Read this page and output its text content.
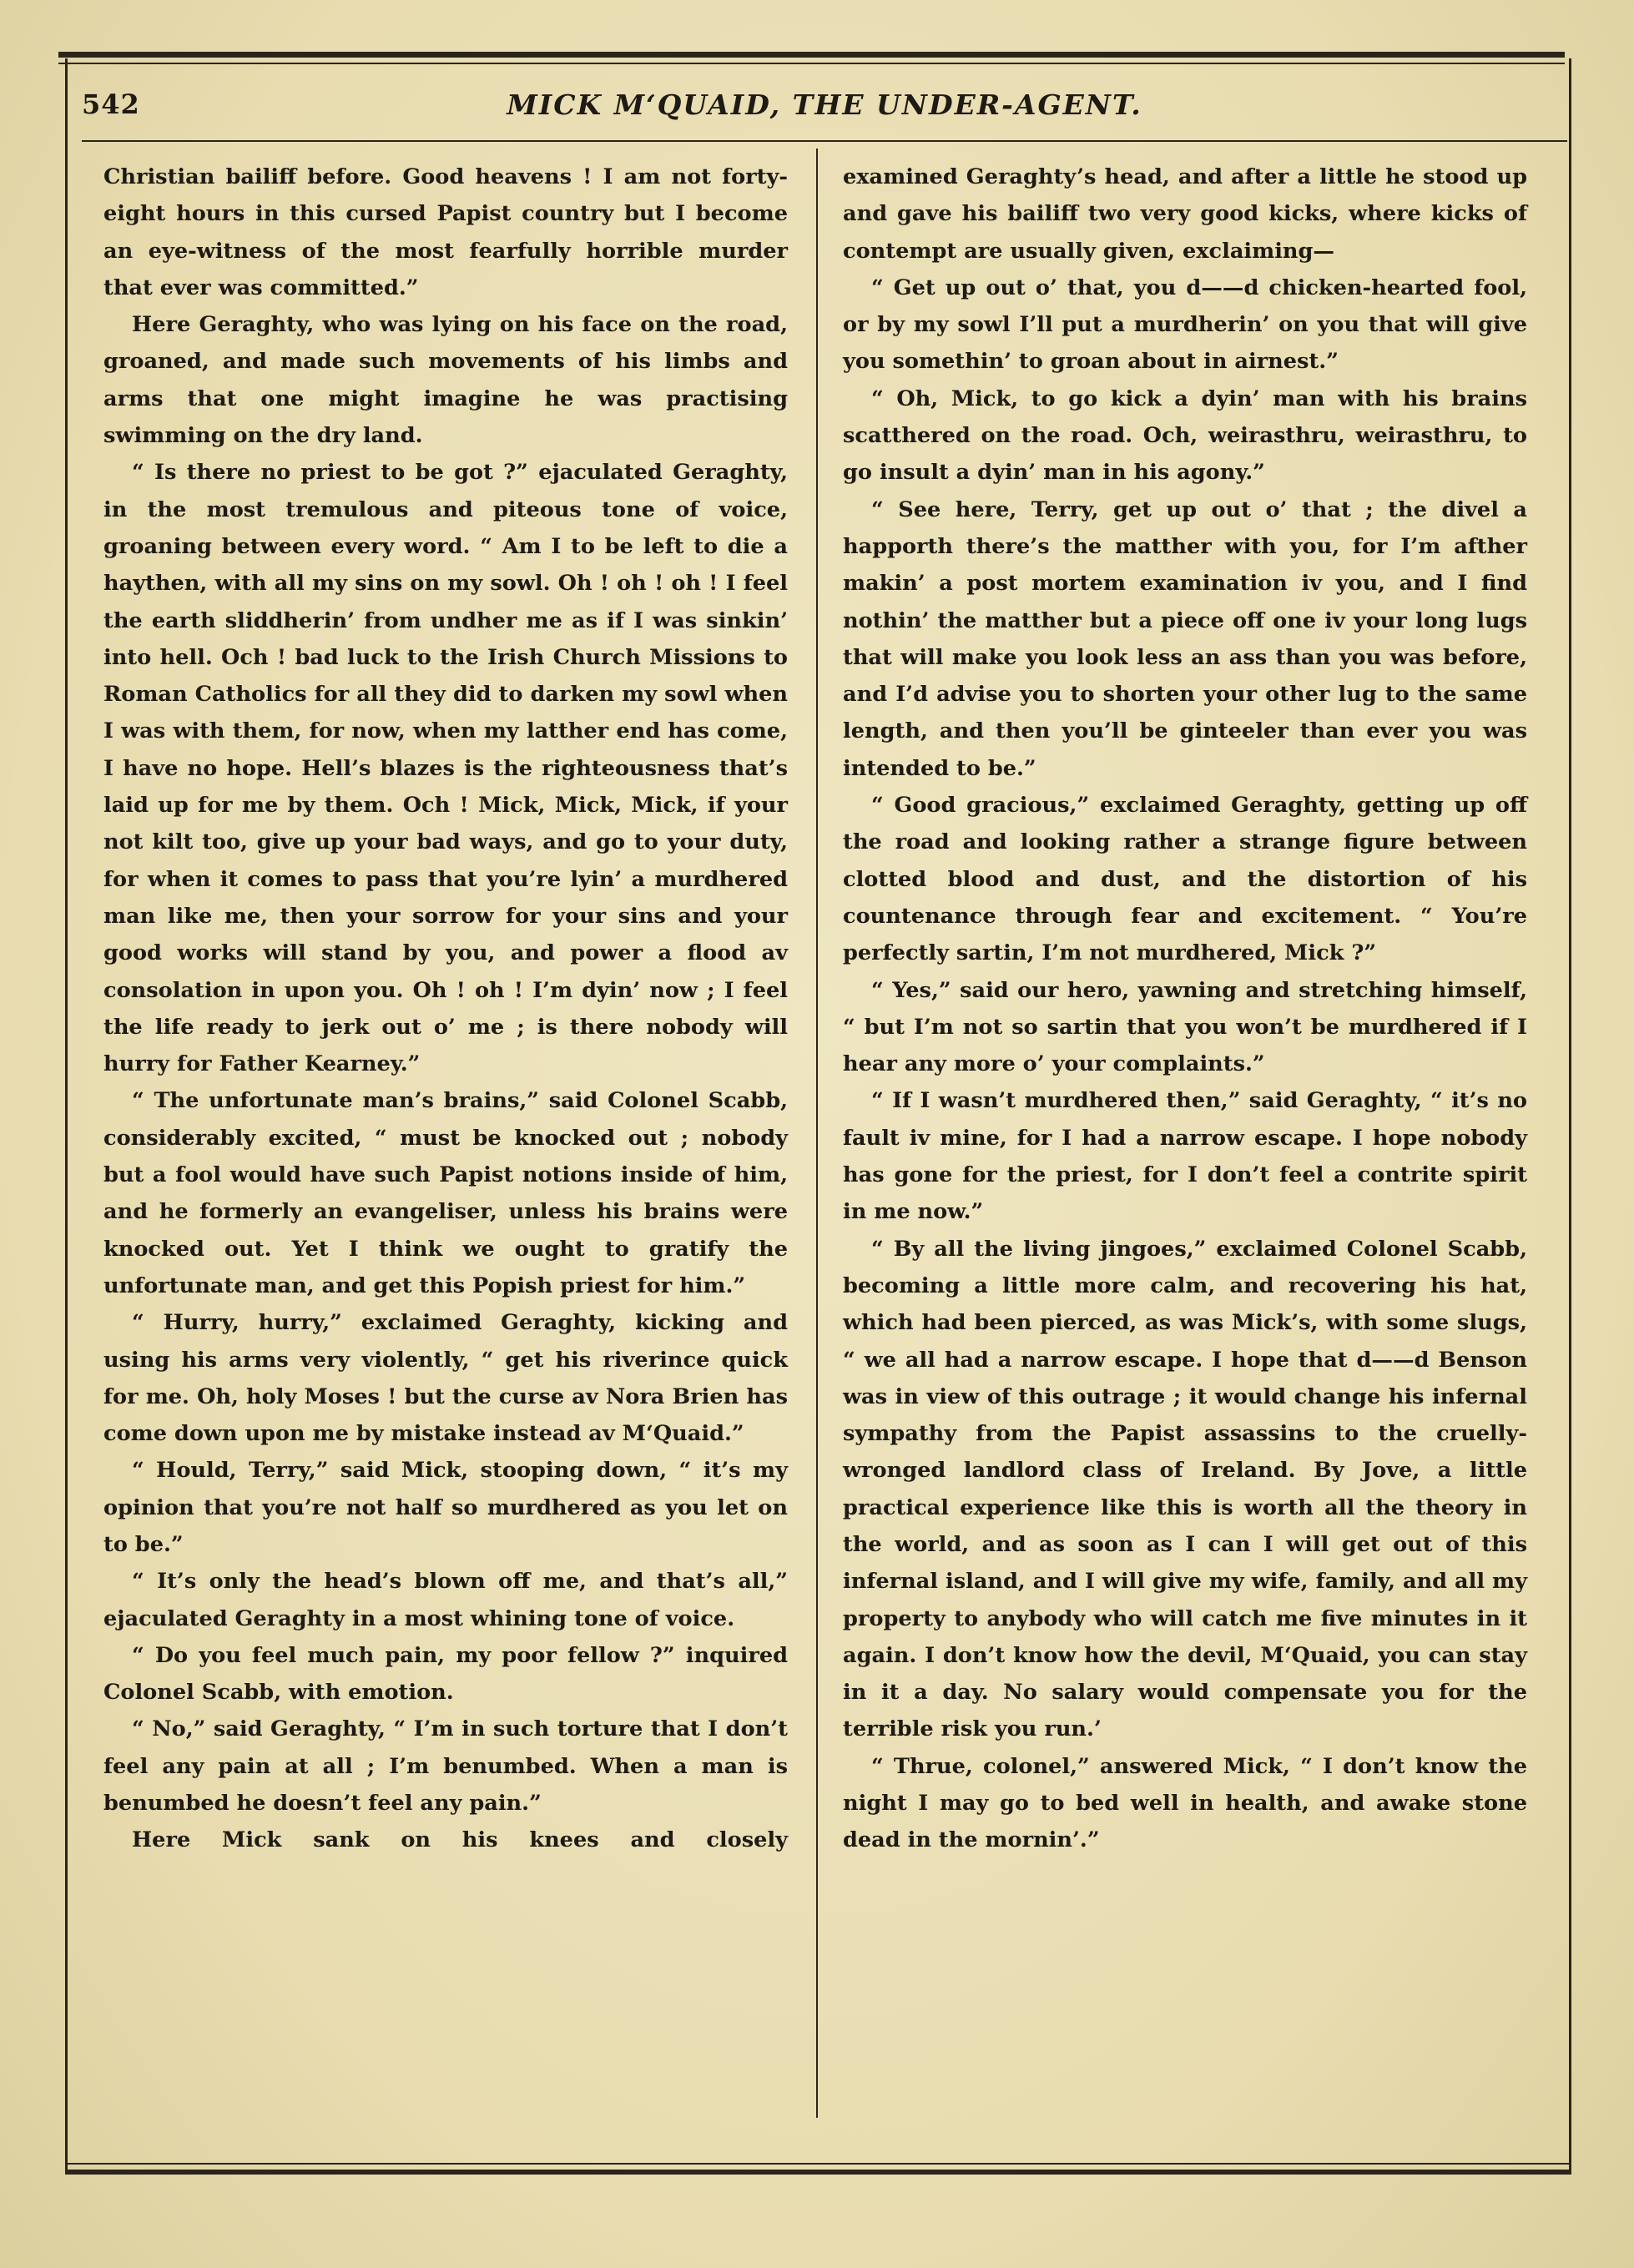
542	MICK M‘QUAID, THE UNDER-AGENT.

Christian bailiff before. Good heavens ! I am not forty-eight hours in this cursed Papist country but I become an eye-witness of the most fearfully horrible murder that ever was committed.”

Here Geraghty, who was lying on his face on the road, groaned, and made such movements of his limbs and arms that one might imagine he was practising swimming on the dry land.

“ Is there no priest to be got ?” ejaculated Geraghty, in the most tremulous and piteous tone of voice, groaning between every word. “ Am I to be left to die a haythen, with all my sins on my sowl. Oh ! oh ! oh ! I feel the earth sliddherin’ from undher me as if I was sinkin’ into hell. Och ! bad luck to the Irish Church Missions to Roman Catholics for all they did to darken my sowl when I was with them, for now, when my latther end has come, I have no hope. Hell’s blazes is the righteousness that’s laid up for me by them. Och ! Mick, Mick, Mick, if your not kilt too, give up your bad ways, and go to your duty, for when it comes to pass that you’re lyin’ a murdhered man like me, then your sorrow for your sins and your good works will stand by you, and power a flood av consolation in upon you. Oh ! oh ! I’m dyin’ now ; I feel the life ready to jerk out o’ me ; is there nobody will hurry for Father Kearney.”

“ The unfortunate man’s brains,” said Colonel Scabb, considerably excited, “ must be knocked out ; nobody but a fool would have such Papist notions inside of him, and he formerly an evangeliser, unless his brains were knocked out. Yet I think we ought to gratify the unfortunate man, and get this Popish priest for him.”

“ Hurry, hurry,” exclaimed Geraghty, kicking and using his arms very violently, “ get his riverince quick for me. Oh, holy Moses ! but the curse av Nora Brien has come down upon me by mistake instead av M‘Quaid.”

“ Hould, Terry,” said Mick, stooping down, “ it’s my opinion that you’re not half so murdhered as you let on to be.”

“ It’s only the head’s blown off me, and that’s all,” ejaculated Geraghty in a most whining tone of voice.

“ Do you feel much pain, my poor fellow ?” inquired Colonel Scabb, with emotion.

“ No,” said Geraghty, “ I’m in such torture that I don’t feel any pain at all ; I’m benumbed. When a man is benumbed he doesn’t feel any pain.”

Here Mick sank on his knees and closely

examined Geraghty’s head, and after a little he stood up and gave his bailiff two very good kicks, where kicks of contempt are usually given, exclaiming—

“ Get up out o’ that, you d——d chicken-hearted fool, or by my sowl I’ll put a murdherin’ on you that will give you somethin’ to groan about in airnest.”

“ Oh, Mick, to go kick a dyin’ man with his brains scatthered on the road. Och, weirasthru, weirasthru, to go insult a dyin’ man in his agony.”

“ See here, Terry, get up out o’ that ; the divel a happorth there’s the matther with you, for I’m afther makin’ a post mortem examination iv you, and I find nothin’ the matther but a piece off one iv your long lugs that will make you look less an ass than you was before, and I’d advise you to shorten your other lug to the same length, and then you’ll be ginteeler than ever you was intended to be.”

“ Good gracious,” exclaimed Geraghty, getting up off the road and looking rather a strange figure between clotted blood and dust, and the distortion of his countenance through fear and excitement. “ You’re perfectly sartin, I’m not murdhered, Mick ?”

“ Yes,” said our hero, yawning and stretching himself, “ but I’m not so sartin that you won’t be murdhered if I hear any more o’ your complaints.”

“ If I wasn’t murdhered then,” said Geraghty, “ it’s no fault iv mine, for I had a narrow escape. I hope nobody has gone for the priest, for I don’t feel a contrite spirit in me now.”

“ By all the living jingoes,” exclaimed Colonel Scabb, becoming a little more calm, and recovering his hat, which had been pierced, as was Mick’s, with some slugs, “ we all had a narrow escape. I hope that d——d Benson was in view of this outrage ; it would change his infernal sympathy from the Papist assassins to the cruelly-wronged landlord class of Ireland. By Jove, a little practical experience like this is worth all the theory in the world, and as soon as I can I will get out of this infernal island, and I will give my wife, family, and all my property to anybody who will catch me five minutes in it again. I don’t know how the devil, M‘Quaid, you can stay in it a day. No salary would compensate you for the terrible risk you run.’

“ Thrue, colonel,” answered Mick, “ I don’t know the night I may go to bed well in health, and awake stone dead in the mornin’.”
